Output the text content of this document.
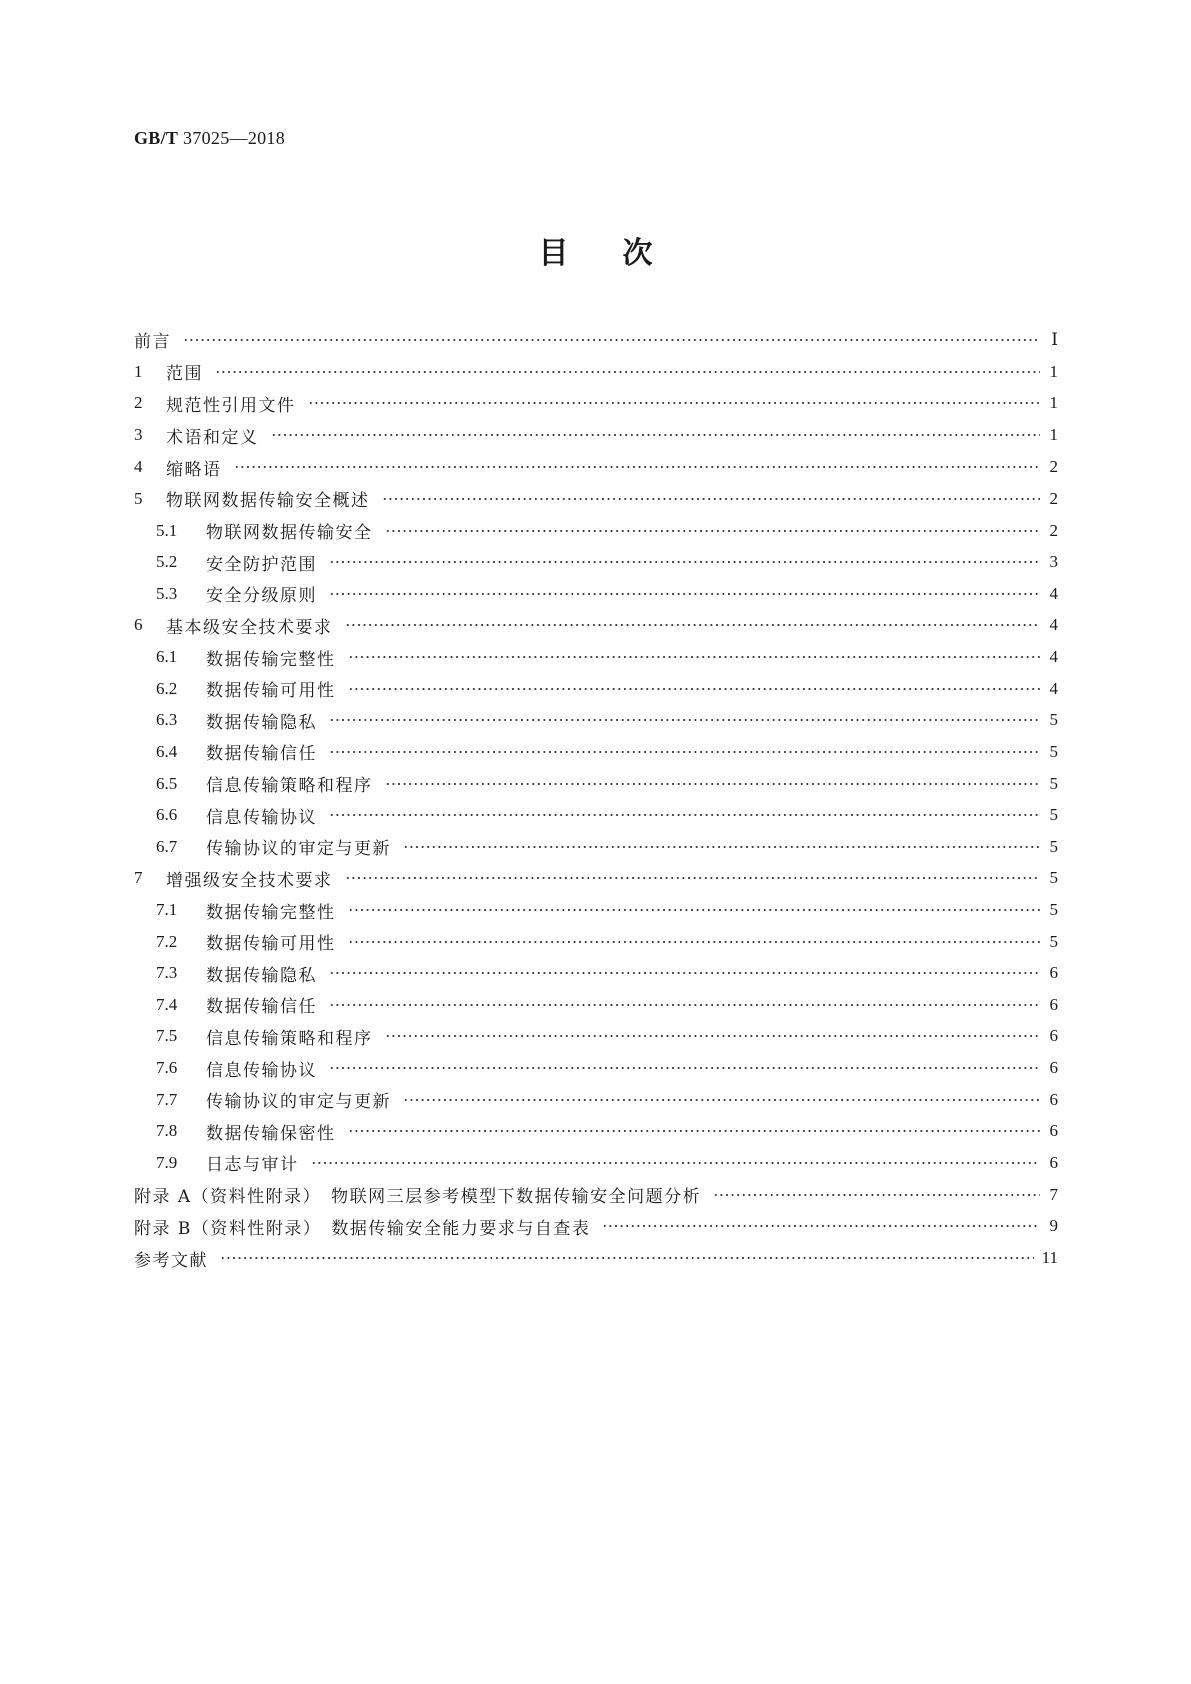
GB/T 37025—2018
目次
前言	Ⅰ
1	范围	1
2	规范性引用文件	1
3	术语和定义	1
4	缩略语	2
5	物联网数据传输安全概述	2
5.1	物联网数据传输安全	2
5.2	安全防护范围	3
5.3	安全分级原则	4
6	基本级安全技术要求	4
6.1	数据传输完整性	4
6.2	数据传输可用性	4
6.3	数据传输隐私	5
6.4	数据传输信任	5
6.5	信息传输策略和程序	5
6.6	信息传输协议	5
6.7	传输协议的审定与更新	5
7	增强级安全技术要求	5
7.1	数据传输完整性	5
7.2	数据传输可用性	5
7.3	数据传输隐私	6
7.4	数据传输信任	6
7.5	信息传输策略和程序	6
7.6	信息传输协议	6
7.7	传输协议的审定与更新	6
7.8	数据传输保密性	6
7.9	日志与审计	6
附录 A（资料性附录）　物联网三层参考模型下数据传输安全问题分析	7
附录 B（资料性附录）　数据传输安全能力要求与自查表	9
参考文献	11
